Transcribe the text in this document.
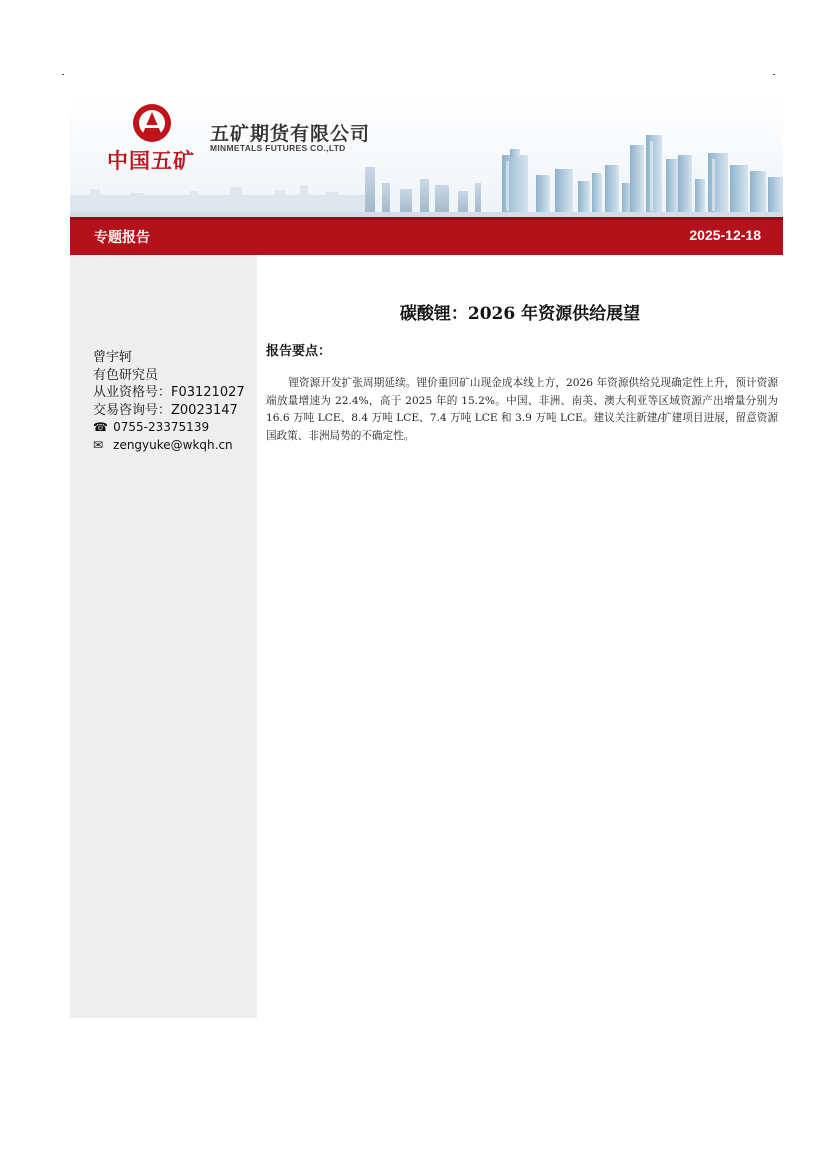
中国五矿
五矿期货有限公司
MINMETALS FUTURES CO.,LTD
专题报告	2025-12-18
曾宇轲
有色研究员
从业资格号：F03121027
交易咨询号：Z0023147
☎ 0755-23375139
✉ zengyuke@wkqh.cn
碳酸锂：2026 年资源供给展望
报告要点：
锂资源开发扩张周期延续。锂价重回矿山现金成本线上方，2026 年资源供给兑现确定性上升，预计资源端放量增速为 22.4%，高于 2025 年的 15.2%。中国、非洲、南美、澳大利亚等区域资源产出增量分别为 16.6 万吨 LCE、8.4 万吨 LCE、7.4 万吨 LCE 和 3.9 万吨 LCE。建议关注新建/扩建项目进展，留意资源国政策、非洲局势的不确定性。
